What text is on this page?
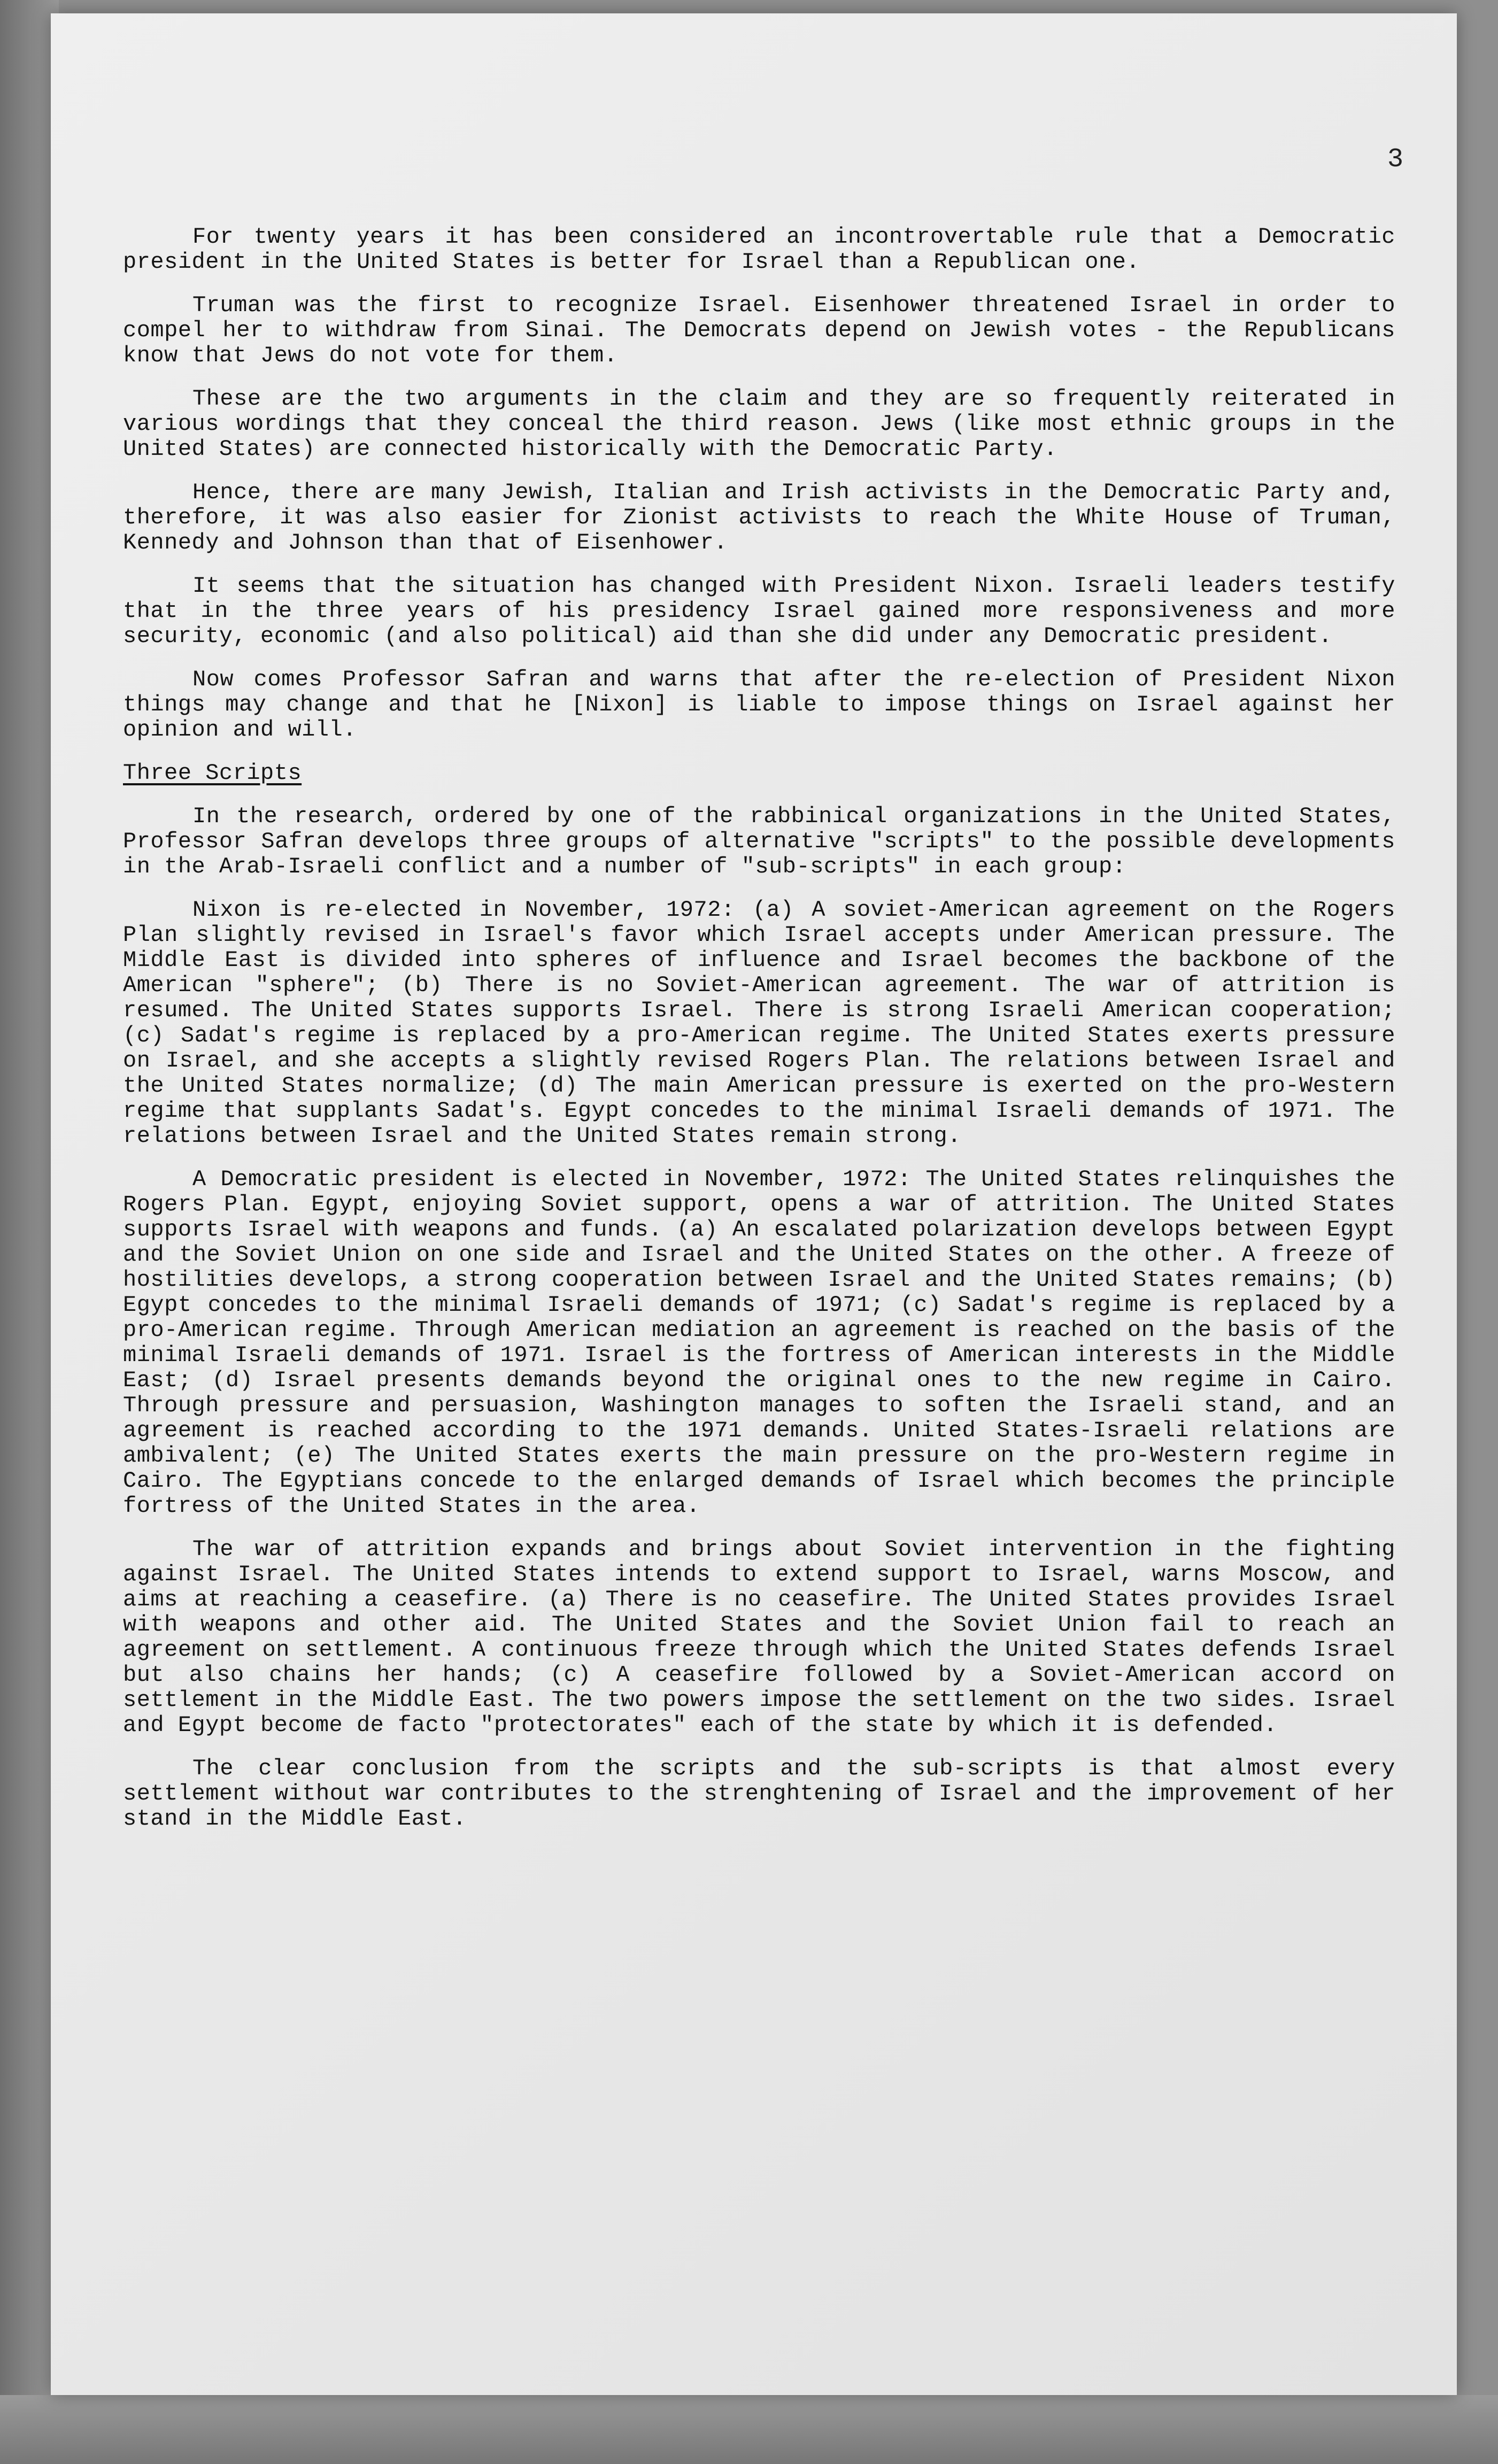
3

For twenty years it has been considered an incontrovertable rule that a Democratic president in the United States is better for Israel than a Republican one.

Truman was the first to recognize Israel. Eisenhower threatened Israel in order to compel her to withdraw from Sinai. The Democrats depend on Jewish votes - the Republicans know that Jews do not vote for them.

These are the two arguments in the claim and they are so frequently reiterated in various wordings that they conceal the third reason. Jews (like most ethnic groups in the United States) are connected historically with the Democratic Party.

Hence, there are many Jewish, Italian and Irish activists in the Democratic Party and, therefore, it was also easier for Zionist activists to reach the White House of Truman, Kennedy and Johnson than that of Eisenhower.

It seems that the situation has changed with President Nixon. Israeli leaders testify that in the three years of his presidency Israel gained more responsiveness and more security, economic (and also political) aid than she did under any Democratic president.

Now comes Professor Safran and warns that after the re-election of President Nixon things may change and that he [Nixon] is liable to impose things on Israel against her opinion and will.

Three Scripts

In the research, ordered by one of the rabbinical organizations in the United States, Professor Safran develops three groups of alternative "scripts" to the possible developments in the Arab-Israeli conflict and a number of "sub-scripts" in each group:

Nixon is re-elected in November, 1972: (a) A soviet-American agreement on the Rogers Plan slightly revised in Israel's favor which Israel accepts under American pressure. The Middle East is divided into spheres of influence and Israel becomes the backbone of the American "sphere"; (b) There is no Soviet-American agreement. The war of attrition is resumed. The United States supports Israel. There is strong Israeli American cooperation; (c) Sadat's regime is replaced by a pro-American regime. The United States exerts pressure on Israel, and she accepts a slightly revised Rogers Plan. The relations between Israel and the United States normalize; (d) The main American pressure is exerted on the pro-Western regime that supplants Sadat's. Egypt concedes to the minimal Israeli demands of 1971. The relations between Israel and the United States remain strong.

A Democratic president is elected in November, 1972: The United States relinquishes the Rogers Plan. Egypt, enjoying Soviet support, opens a war of attrition. The United States supports Israel with weapons and funds. (a) An escalated polarization develops between Egypt and the Soviet Union on one side and Israel and the United States on the other. A freeze of hostilities develops, a strong cooperation between Israel and the United States remains; (b) Egypt concedes to the minimal Israeli demands of 1971; (c) Sadat's regime is replaced by a pro-American regime. Through American mediation an agreement is reached on the basis of the minimal Israeli demands of 1971. Israel is the fortress of American interests in the Middle East; (d) Israel presents demands beyond the original ones to the new regime in Cairo. Through pressure and persuasion, Washington manages to soften the Israeli stand, and an agreement is reached according to the 1971 demands. United States-Israeli relations are ambivalent; (e) The United States exerts the main pressure on the pro-Western regime in Cairo. The Egyptians concede to the enlarged demands of Israel which becomes the principle fortress of the United States in the area.

The war of attrition expands and brings about Soviet intervention in the fighting against Israel. The United States intends to extend support to Israel, warns Moscow, and aims at reaching a ceasefire. (a) There is no ceasefire. The United States provides Israel with weapons and other aid. The United States and the Soviet Union fail to reach an agreement on settlement. A continuous freeze through which the United States defends Israel but also chains her hands; (c) A ceasefire followed by a Soviet-American accord on settlement in the Middle East. The two powers impose the settlement on the two sides. Israel and Egypt become de facto "protectorates" each of the state by which it is defended.

The clear conclusion from the scripts and the sub-scripts is that almost every settlement without war contributes to the strenghtening of Israel and the improvement of her stand in the Middle East.
